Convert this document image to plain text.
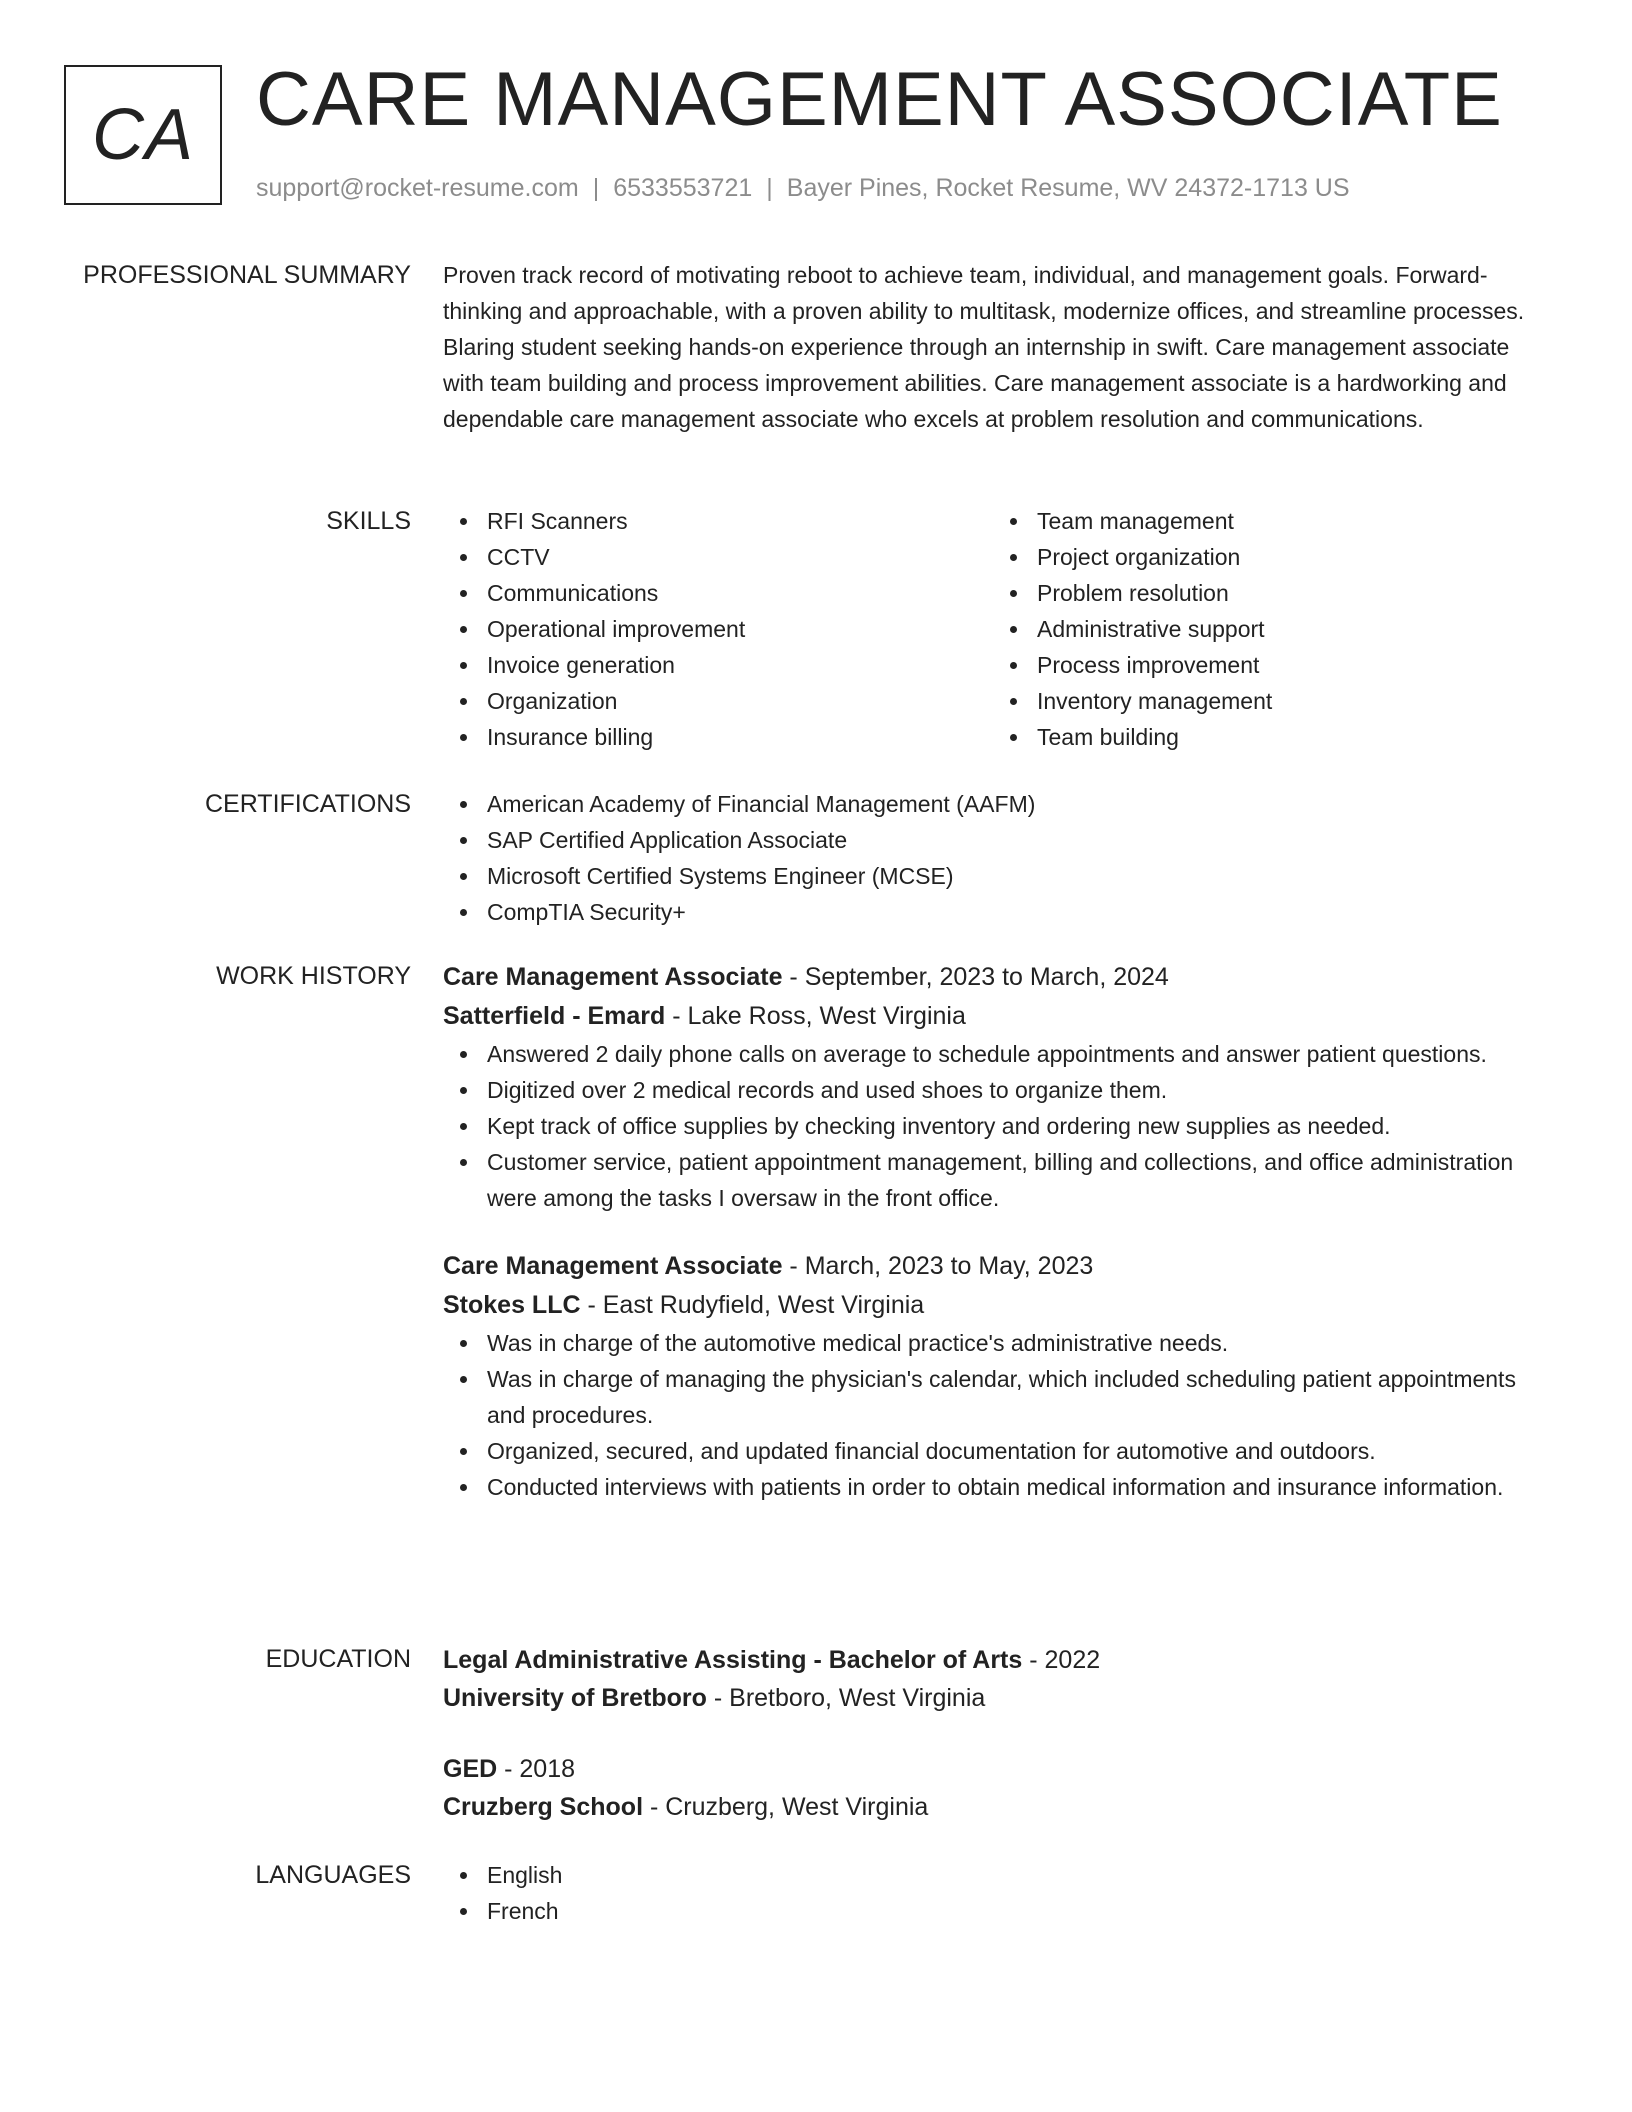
CA CARE MANAGEMENT ASSOCIATE
support@rocket-resume.com | 6533553721 | Bayer Pines, Rocket Resume, WV 24372-1713 US
PROFESSIONAL SUMMARY Proven track record of motivating reboot to achieve team, individual, and management goals. Forward-thinking and approachable, with a proven ability to multitask, modernize offices, and streamline processes. Blaring student seeking hands-on experience through an internship in swift. Care management associate with team building and process improvement abilities. Care management associate is a hardworking and dependable care management associate who excels at problem resolution and communications.
SKILLS	RFI Scanners
CCTV
Communications
Operational improvement
Invoice generation
Organization
Insurance billing
Team management
Project organization
Problem resolution
Administrative support
Process improvement
Inventory management
Team building
CERTIFICATIONS	American Academy of Financial Management (AAFM)
SAP Certified Application Associate
Microsoft Certified Systems Engineer (MCSE)
CompTIA Security+
WORK HISTORY Care Management Associate - September, 2023 to March, 2024
Satterfield - Emard - Lake Ross, West Virginia
Answered 2 daily phone calls on average to schedule appointments and answer patient questions.
Digitized over 2 medical records and used shoes to organize them.
Kept track of office supplies by checking inventory and ordering new supplies as needed.
Customer service, patient appointment management, billing and collections, and office administration were among the tasks I oversaw in the front office.
Care Management Associate - March, 2023 to May, 2023
Stokes LLC - East Rudyfield, West Virginia
Was in charge of the automotive medical practice's administrative needs.
Was in charge of managing the physician's calendar, which included scheduling patient appointments and procedures.
Organized, secured, and updated financial documentation for automotive and outdoors.
Conducted interviews with patients in order to obtain medical information and insurance information.
EDUCATION Legal Administrative Assisting - Bachelor of Arts - 2022
University of Bretboro - Bretboro, West Virginia
GED - 2018
Cruzberg School - Cruzberg, West Virginia
LANGUAGES	English
French
